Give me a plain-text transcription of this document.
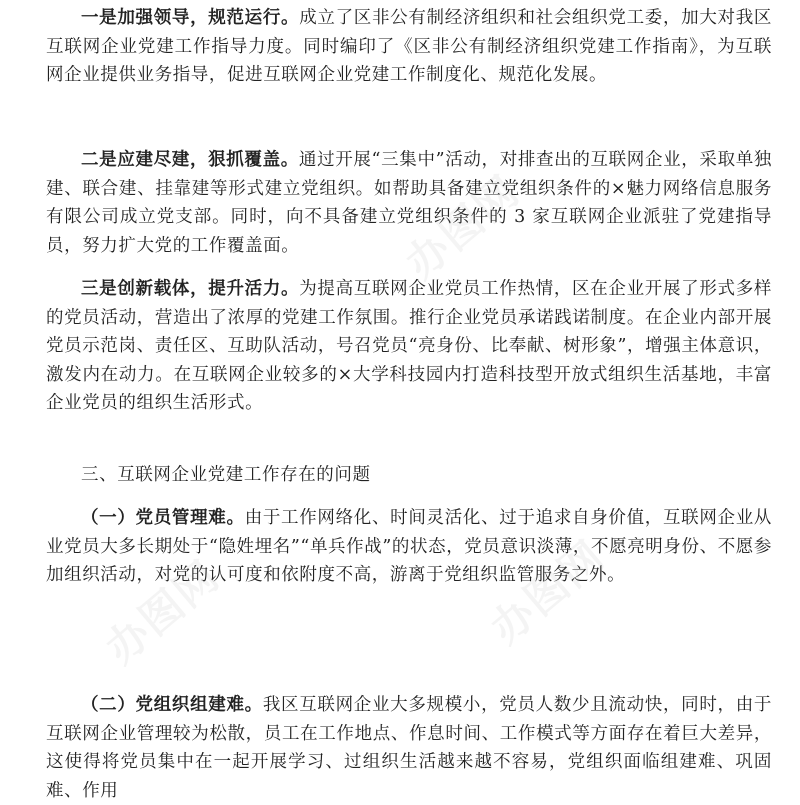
一是加强领导，规范运行。成立了区非公有制经济组织和社会组织党工委，加大对我区互联网企业党建工作指导力度。同时编印了《区非公有制经济组织党建工作指南》，为互联网企业提供业务指导，促进互联网企业党建工作制度化、规范化发展。

二是应建尽建，狠抓覆盖。通过开展“三集中”活动，对排查出的互联网企业，采取单独建、联合建、挂靠建等形式建立党组织。如帮助具备建立党组织条件的×魅力网络信息服务有限公司成立党支部。同时，向不具备建立党组织条件的 3 家互联网企业派驻了党建指导员，努力扩大党的工作覆盖面。

三是创新载体，提升活力。为提高互联网企业党员工作热情，区在企业开展了形式多样的党员活动，营造出了浓厚的党建工作氛围。推行企业党员承诺践诺制度。在企业内部开展党员示范岗、责任区、互助队活动，号召党员“亮身份、比奉献、树形象”，增强主体意识，激发内在动力。在互联网企业较多的×大学科技园内打造科技型开放式组织生活基地，丰富企业党员的组织生活形式。

三、互联网企业党建工作存在的问题

（一）党员管理难。由于工作网络化、时间灵活化、过于追求自身价值，互联网企业从业党员大多长期处于“隐姓埋名”“单兵作战”的状态，党员意识淡薄，不愿亮明身份、不愿参加组织活动，对党的认可度和依附度不高，游离于党组织监管服务之外。

（二）党组织组建难。我区互联网企业大多规模小，党员人数少且流动快，同时，由于互联网企业管理较为松散，员工在工作地点、作息时间、工作模式等方面存在着巨大差异，这使得将党员集中在一起开展学习、过组织生活越来越不容易，党组织面临组建难、巩固难、作用

办图网
办图网
办图网
